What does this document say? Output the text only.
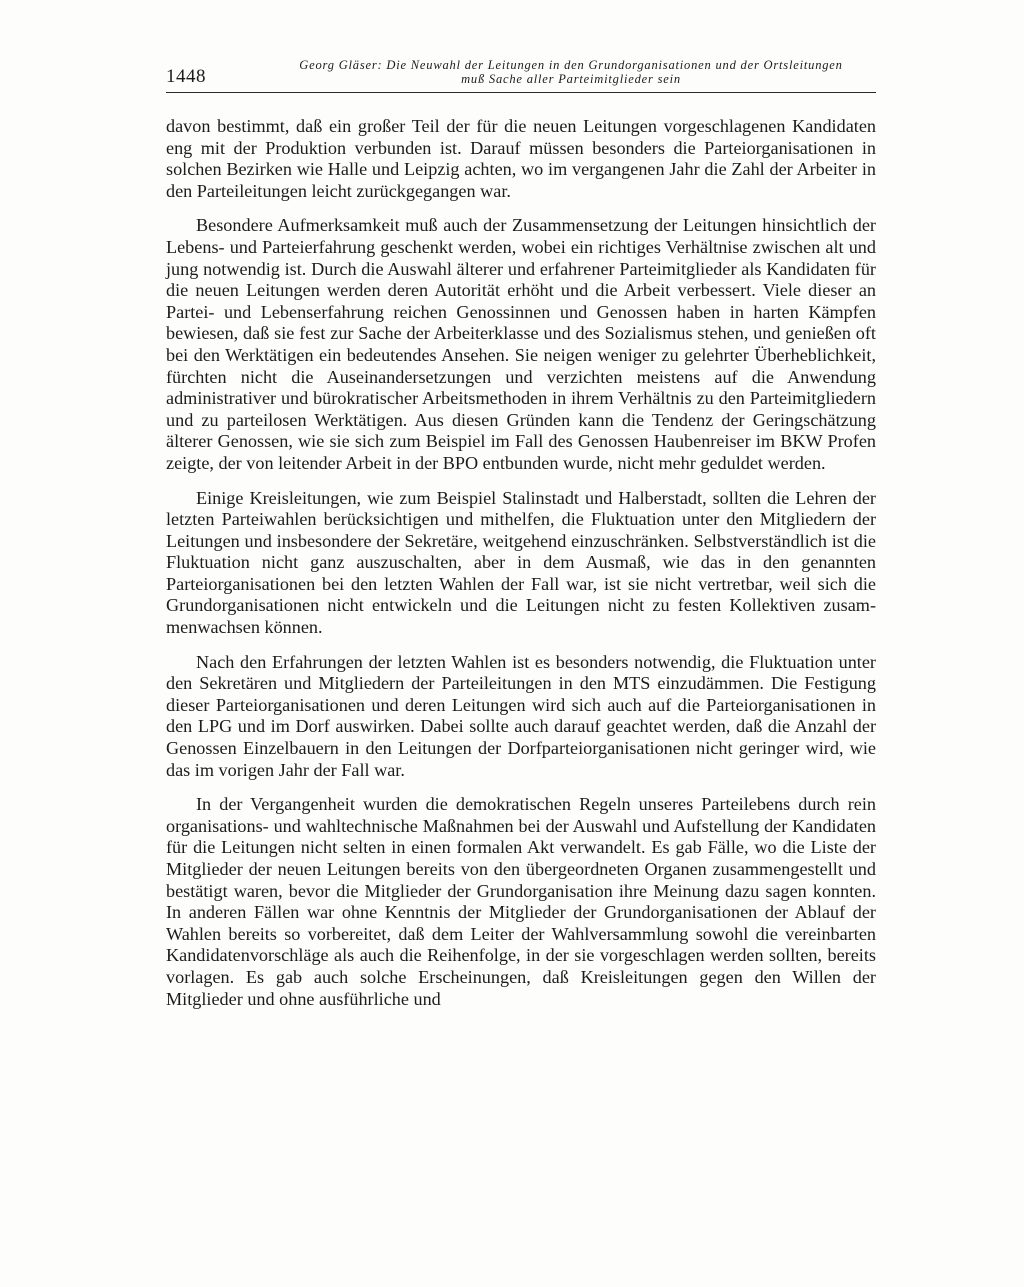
1448
Georg Gläser: Die Neuwahl der Leitungen in den Grundorganisationen und der Ortsleitungen
muß Sache aller Parteimitglieder sein

davon bestimmt, daß ein großer Teil der für die neuen Leitungen vorgeschlagenen Kandidaten eng mit der Produktion verbunden ist. Darauf müssen besonders die Parteiorganisationen in solchen Bezirken wie Halle und Leipzig achten, wo im vergangenen Jahr die Zahl der Arbeiter in den Parteileitungen leicht zurückgegangen war.

Besondere Aufmerksamkeit muß auch der Zusammensetzung der Leitungen hinsichtlich der Lebens- und Parteierfahrung geschenkt werden, wobei ein richtiges Verhältnise zwischen alt und jung notwendig ist. Durch die Auswahl älterer und erfahrener Parteimitglieder als Kandidaten für die neuen Leitungen werden deren Autorität erhöht und die Arbeit verbessert. Viele dieser an Partei- und Lebenserfahrung reichen Genossinnen und Genossen haben in harten Kämpfen bewiesen, daß sie fest zur Sache der Arbeiterklasse und des Sozialismus stehen, und genießen oft bei den Werktätigen ein bedeutendes Ansehen. Sie neigen weniger zu gelehrter Überheblichkeit, fürchten nicht die Auseinandersetzungen und verzichten meistens auf die Anwendung administrativer und bürokratischer Arbeitsmethoden in ihrem Verhältnis zu den Parteimitgliedern und zu parteilosen Werktätigen. Aus diesen Gründen kann die Tendenz der Geringschätzung älterer Genossen, wie sie sich zum Beispiel im Fall des Genossen Haubenreiser im BKW Profen zeigte, der von leitender Arbeit in der BPO entbunden wurde, nicht mehr geduldet werden.

Einige Kreisleitungen, wie zum Beispiel Stalinstadt und Halberstadt, sollten die Lehren der letzten Parteiwahlen berücksichtigen und mithelfen, die Fluktuation unter den Mitgliedern der Leitungen und insbesondere der Sekretäre, weitgehend einzuschränken. Selbstverständlich ist die Fluktuation nicht ganz auszuschalten, aber in dem Ausmaß, wie das in den genannten Parteiorganisationen bei den letzten Wahlen der Fall war, ist sie nicht vertretbar, weil sich die Grundorganisationen nicht entwickeln und die Leitungen nicht zu festen Kollektiven zusammenwachsen können.

Nach den Erfahrungen der letzten Wahlen ist es besonders notwendig, die Fluktuation unter den Sekretären und Mitgliedern der Parteileitungen in den MTS einzudämmen. Die Festigung dieser Parteiorganisationen und deren Leitungen wird sich auch auf die Parteiorganisationen in den LPG und im Dorf auswirken. Dabei sollte auch darauf geachtet werden, daß die Anzahl der Genossen Einzelbauern in den Leitungen der Dorfparteiorganisationen nicht geringer wird, wie das im vorigen Jahr der Fall war.

In der Vergangenheit wurden die demokratischen Regeln unseres Parteilebens durch rein organisations- und wahltechnische Maßnahmen bei der Auswahl und Aufstellung der Kandidaten für die Leitungen nicht selten in einen formalen Akt verwandelt. Es gab Fälle, wo die Liste der Mitglieder der neuen Leitungen bereits von den übergeordneten Organen zusammengestellt und bestätigt waren, bevor die Mitglieder der Grundorganisation ihre Meinung dazu sagen konnten. In anderen Fällen war ohne Kenntnis der Mitglieder der Grundorganisationen der Ablauf der Wahlen bereits so vorbereitet, daß dem Leiter der Wahlversammlung sowohl die vereinbarten Kandidatenvorschläge als auch die Reihenfolge, in der sie vorgeschlagen werden sollten, bereits vorlagen. Es gab auch solche Erscheinungen, daß Kreisleitungen gegen den Willen der Mitglieder und ohne ausführliche und
